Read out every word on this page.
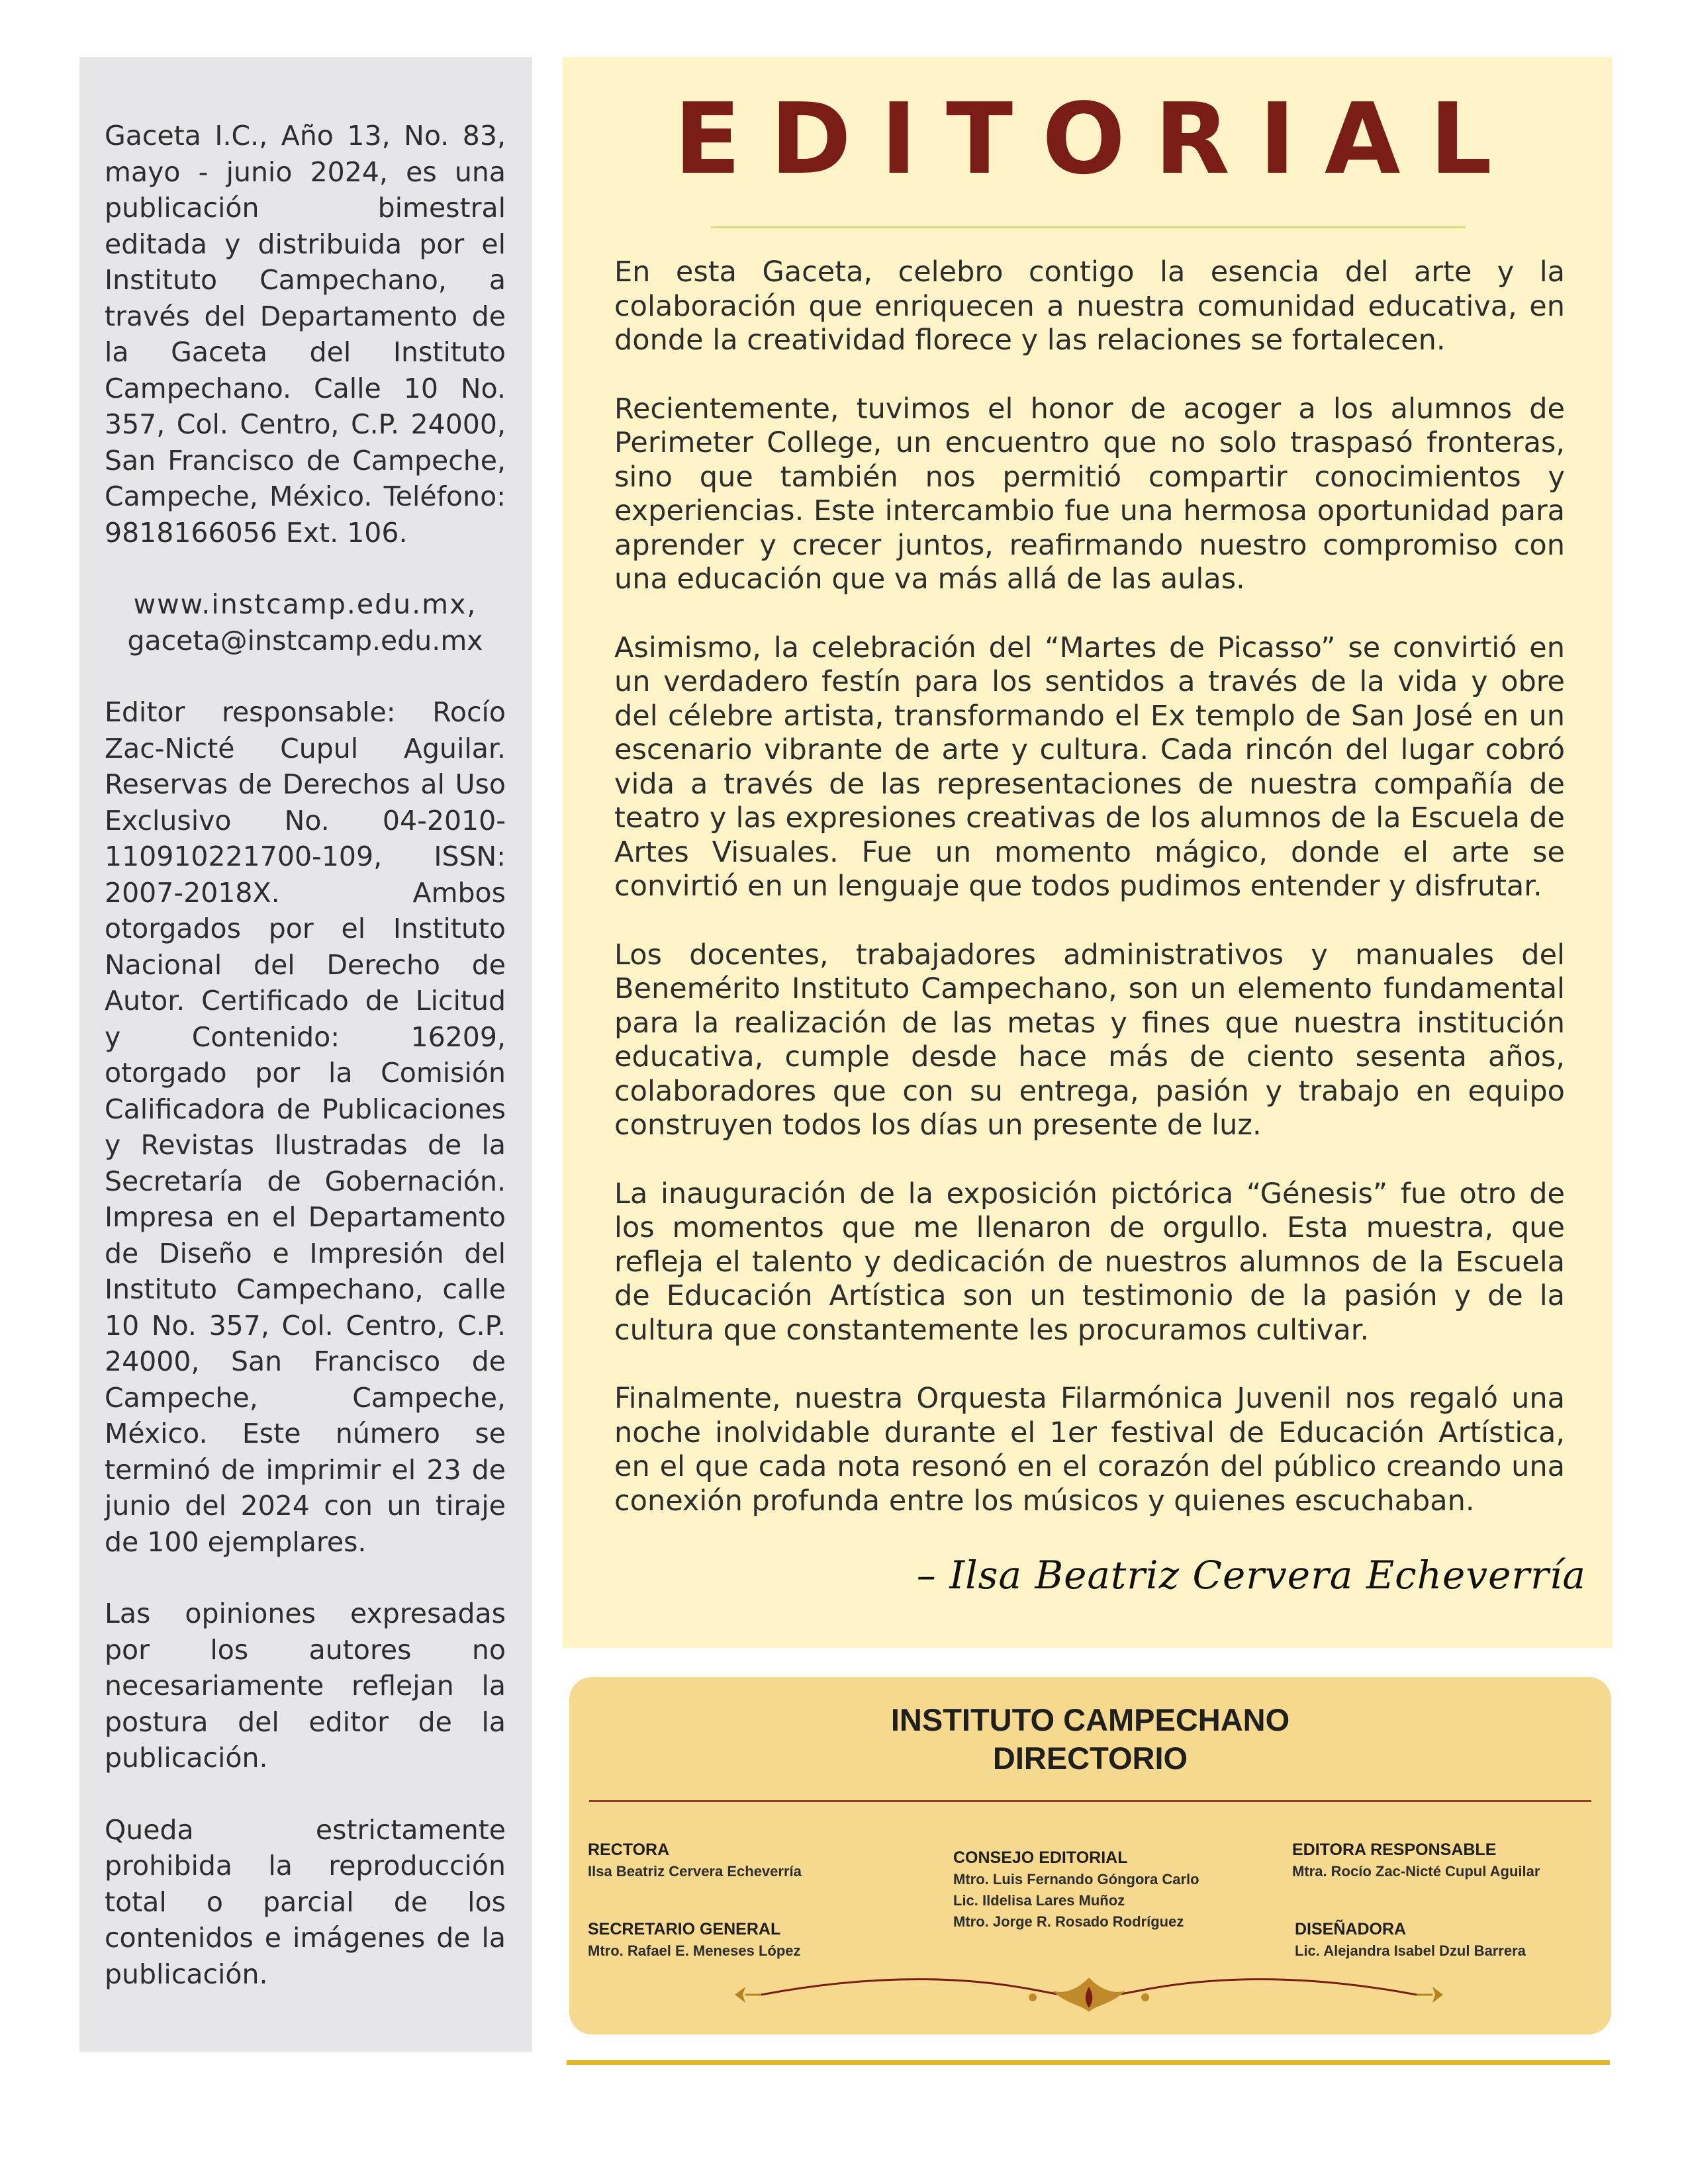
Gaceta I.C., Año 13, No. 83, mayo - junio 2024, es una publicación bimestral editada y distribuida por el Instituto Campechano, a través del Departamento de la Gaceta del Instituto Campechano. Calle 10 No. 357, Col. Centro, C.P. 24000, San Francisco de Campeche, Campeche, México. Teléfono: 9818166056 Ext. 106.

www.instcamp.edu.mx,
gaceta@instcamp.edu.mx

Editor responsable: Rocío Zac-Nicté Cupul Aguilar. Reservas de Derechos al Uso Exclusivo No. 04-2010-110910221700-109, ISSN: 2007-2018X. Ambos otorgados por el Instituto Nacional del Derecho de Autor. Certificado de Licitud y Contenido: 16209, otorgado por la Comisión Calificadora de Publicaciones y Revistas Ilustradas de la Secretaría de Gobernación. Impresa en el Departamento de Diseño e Impresión del Instituto Campechano, calle 10 No. 357, Col. Centro, C.P. 24000, San Francisco de Campeche, Campeche, México. Este número se terminó de imprimir el 23 de junio del 2024 con un tiraje de 100 ejemplares.

Las opiniones expresadas por los autores no necesariamente reflejan la postura del editor de la publicación.

Queda estrictamente prohibida la reproducción total o parcial de los contenidos e imágenes de la publicación.

EDITORIAL

En esta Gaceta, celebro contigo la esencia del arte y la colaboración que enriquecen a nuestra comunidad educativa, en donde la creatividad florece y las relaciones se fortalecen.

Recientemente, tuvimos el honor de acoger a los alumnos de Perimeter College, un encuentro que no solo traspasó fronteras, sino que también nos permitió compartir conocimientos y experiencias. Este intercambio fue una hermosa oportunidad para aprender y crecer juntos, reafirmando nuestro compromiso con una educación que va más allá de las aulas.

Asimismo, la celebración del “Martes de Picasso” se convirtió en un verdadero festín para los sentidos a través de la vida y obre del célebre artista, transformando el Ex templo de San José en un escenario vibrante de arte y cultura. Cada rincón del lugar cobró vida a través de las representaciones de nuestra compañía de teatro y las expresiones creativas de los alumnos de la Escuela de Artes Visuales. Fue un momento mágico, donde el arte se convirtió en un lenguaje que todos pudimos entender y disfrutar.

Los docentes, trabajadores administrativos y manuales del Benemérito Instituto Campechano, son un elemento fundamental para la realización de las metas y fines que nuestra institución educativa, cumple desde hace más de ciento sesenta años, colaboradores que con su entrega, pasión y trabajo en equipo construyen todos los días un presente de luz.

La inauguración de la exposición pictórica “Génesis” fue otro de los momentos que me llenaron de orgullo. Esta muestra, que refleja el talento y dedicación de nuestros alumnos de la Escuela de Educación Artística son un testimonio de la pasión y de la cultura que constantemente les procuramos cultivar.

Finalmente, nuestra Orquesta Filarmónica Juvenil nos regaló una noche inolvidable durante el 1er festival de Educación Artística, en el que cada nota resonó en el corazón del público creando una conexión profunda entre los músicos y quienes escuchaban.

– Ilsa Beatriz Cervera Echeverría
INSTITUTO CAMPECHANO
DIRECTORIO
RECTORA
Ilsa Beatriz Cervera Echeverría
SECRETARIO GENERAL
Mtro. Rafael E. Meneses López
CONSEJO EDITORIAL
Mtro. Luis Fernando Góngora Carlo
Lic. Ildelisa Lares Muñoz
Mtro. Jorge R. Rosado Rodríguez
EDITORA RESPONSABLE
Mtra. Rocío Zac-Nicté Cupul Aguilar
DISEÑADORA
Lic. Alejandra Isabel Dzul Barrera
